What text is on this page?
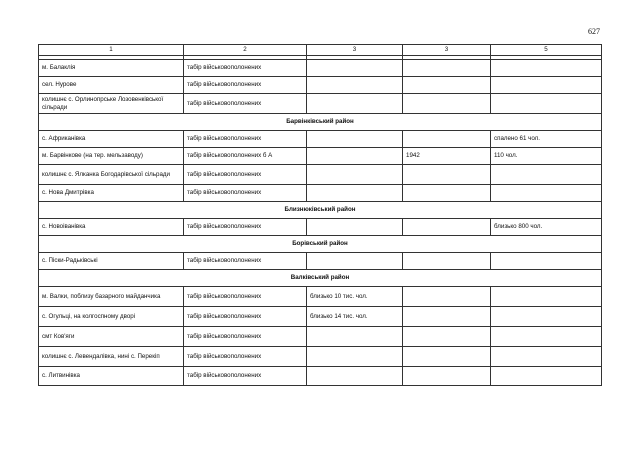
627
1	2	3	3	5

м. Балаклія	табір військовополонених			
сел. Нурове	табір військовополонених			
колишнє с. Орлинопрське Лозовенківської сільради	табір військовополонених			
Барвінківський район				
с. Африканівка	табір військовополонених			спалено 61 чол.
м. Барвінкове (на тер. мельзаводу)	табір військовополонених б А		1942	110 чол.
колишнє с. Ялканка Богодарівської сільради	табір військовополонених			
с. Нова Дмитрівка	табір військовополонених			
Близнюківський район				
с. Новоіванівка	табір військовополонених			близько 800 чол.
Борівський район				
с. Піски-Радьківські	табір військовополонених			
Валківський район				
м. Валки, поблизу базарного майданчика	табір військовополонених	близько 10 тис. чол.		
с. Огульці, на колгоспному дворі	табір військовополонених	близько 14 тис. чол.		
смт Ков'яги	табір військовополонених			
колишнє с. Левендалівка, нині с. Перекіп	табір військовополонених			
с. Литвинівка	табір військовополонених			
